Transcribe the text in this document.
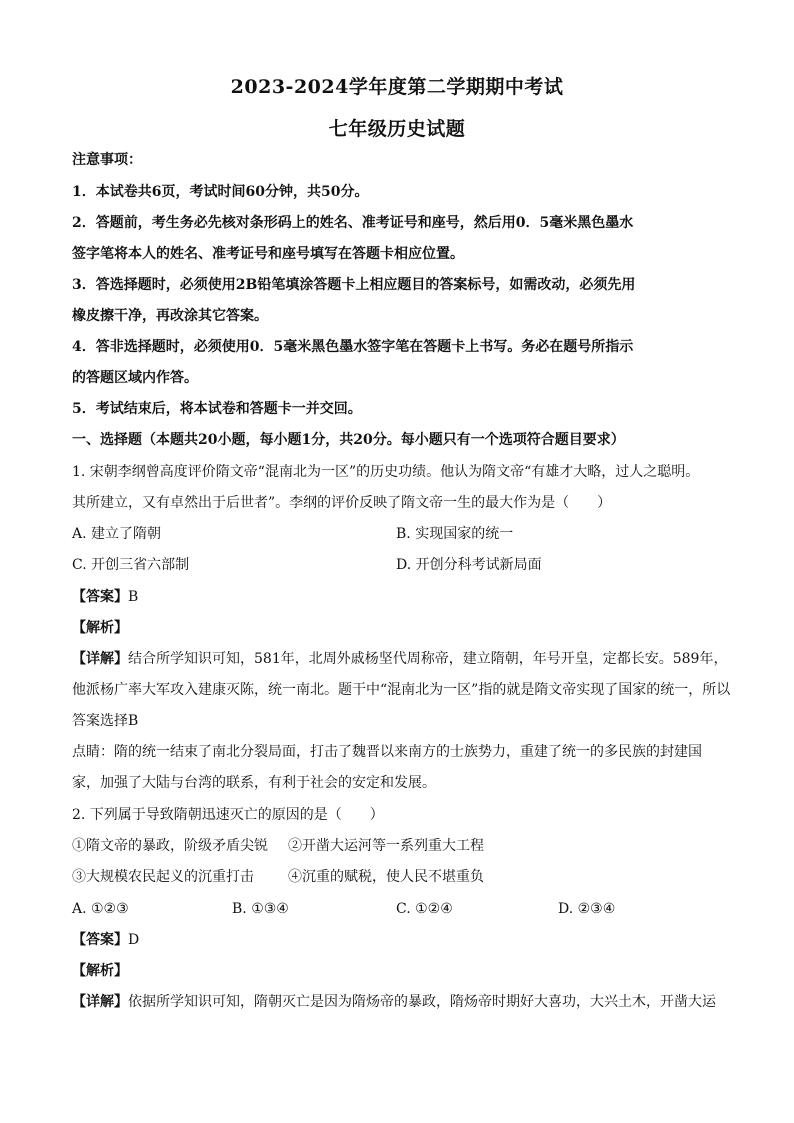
2023-2024学年度第二学期期中考试
七年级历史试题
注意事项：
1．本试卷共6页，考试时间60分钟，共50分。
2．答题前，考生务必先核对条形码上的姓名、准考证号和座号，然后用0．5毫米黑色墨水
签字笔将本人的姓名、准考证号和座号填写在答题卡相应位置。
3．答选择题时，必须使用2B铅笔填涂答题卡上相应题目的答案标号，如需改动，必须先用
橡皮擦干净，再改涂其它答案。
4．答非选择题时，必须使用0．5毫米黑色墨水签字笔在答题卡上书写。务必在题号所指示
的答题区域内作答。
5．考试结束后，将本试卷和答题卡一并交回。
一、选择题（本题共20小题，每小题1分，共20分。每小题只有一个选项符合题目要求）
1. 宋朝李纲曾高度评价隋文帝“混南北为一区”的历史功绩。他认为隋文帝“有雄才大略，过人之聪明。
其所建立，又有卓然出于后世者”。李纲的评价反映了隋文帝一生的最大作为是（　　）
A. 建立了隋朝	B. 实现国家的统一
C. 开创三省六部制	D. 开创分科考试新局面
【答案】B
【解析】
【详解】结合所学知识可知，581年，北周外戚杨坚代周称帝，建立隋朝，年号开皇，定都长安。589年，
他派杨广率大军攻入建康灭陈，统一南北。题干中“混南北为一区”指的就是隋文帝实现了国家的统一，所以
答案选择B
点睛：隋的统一结束了南北分裂局面，打击了魏晋以来南方的士族势力，重建了统一的多民族的封建国
家，加强了大陆与台湾的联系，有利于社会的安定和发展。
2. 下列属于导致隋朝迅速灭亡的原因的是（　　）
①隋文帝的暴政，阶级矛盾尖锐 ②开凿大运河等一系列重大工程
③大规模农民起义的沉重打击 ④沉重的赋税，使人民不堪重负
A. ①②③	B. ①③④	C. ①②④	D. ②③④
【答案】D
【解析】
【详解】依据所学知识可知，隋朝灭亡是因为隋炀帝的暴政，隋炀帝时期好大喜功，大兴土木，开凿大运
